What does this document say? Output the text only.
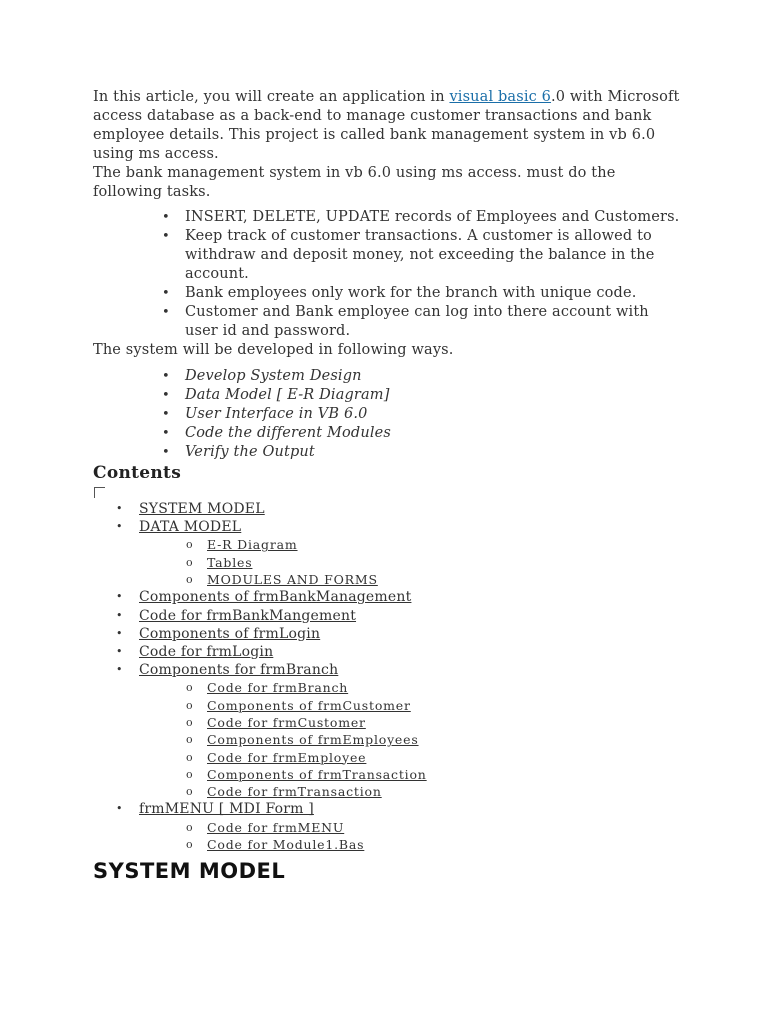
In this article, you will create an application in visual basic 6.0 with Microsoft access database as a back-end to manage customer transactions and bank employee details. This project is called bank management system in vb 6.0 using ms access.

The bank management system in vb 6.0 using ms access. must do the following tasks.

• INSERT, DELETE, UPDATE records of Employees and Customers.
• Keep track of customer transactions. A customer is allowed to withdraw and deposit money, not exceeding the balance in the account.
• Bank employees only work for the branch with unique code.
• Customer and Bank employee can log into there account with user id and password.

The system will be developed in following ways.

• Develop System Design
• Data Model [ E-R Diagram]
• User Interface in VB 6.0
• Code the different Modules
• Verify the Output
Contents
• SYSTEM MODEL
• DATA MODEL
o E-R Diagram
o Tables
o MODULES AND FORMS
• Components of frmBankManagement
• Code for frmBankMangement
• Components of frmLogin
• Code for frmLogin
• Components for frmBranch
o Code for frmBranch
o Components of frmCustomer
o Code for frmCustomer
o Components of frmEmployees
o Code for frmEmployee
o Components of frmTransaction
o Code for frmTransaction
• frmMENU [ MDI Form ]
o Code for frmMENU
o Code for Module1.Bas
SYSTEM MODEL
